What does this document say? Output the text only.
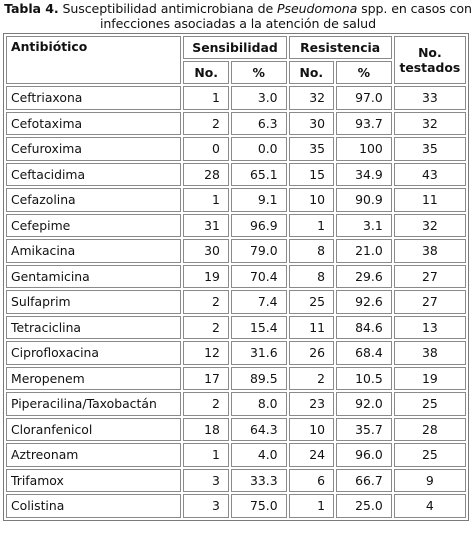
Tabla 4. Susceptibilidad antimicrobiana de Pseudomona spp. en casos con infecciones asociadas a la atención de salud
Antibiótico	Sensibilidad		Resistencia		No.
testados
	No.	%	No.	%	
Ceftriaxona	1	3.0	32	97.0	33
Cefotaxima	2	6.3	30	93.7	32
Cefuroxima	0	0.0	35	100	35
Ceftacidima	28	65.1	15	34.9	43
Cefazolina	1	9.1	10	90.9	11
Cefepime	31	96.9	1	3.1	32
Amikacina	30	79.0	8	21.0	38
Gentamicina	19	70.4	8	29.6	27
Sulfaprim	2	7.4	25	92.6	27
Tetraciclina	2	15.4	11	84.6	13
Ciprofloxacina	12	31.6	26	68.4	38
Meropenem	17	89.5	2	10.5	19
Piperacilina/Taxobactán	2	8.0	23	92.0	25
Cloranfenicol	18	64.3	10	35.7	28
Aztreonam	1	4.0	24	96.0	25
Trifamox	3	33.3	6	66.7	9
Colistina	3	75.0	1	25.0	4
